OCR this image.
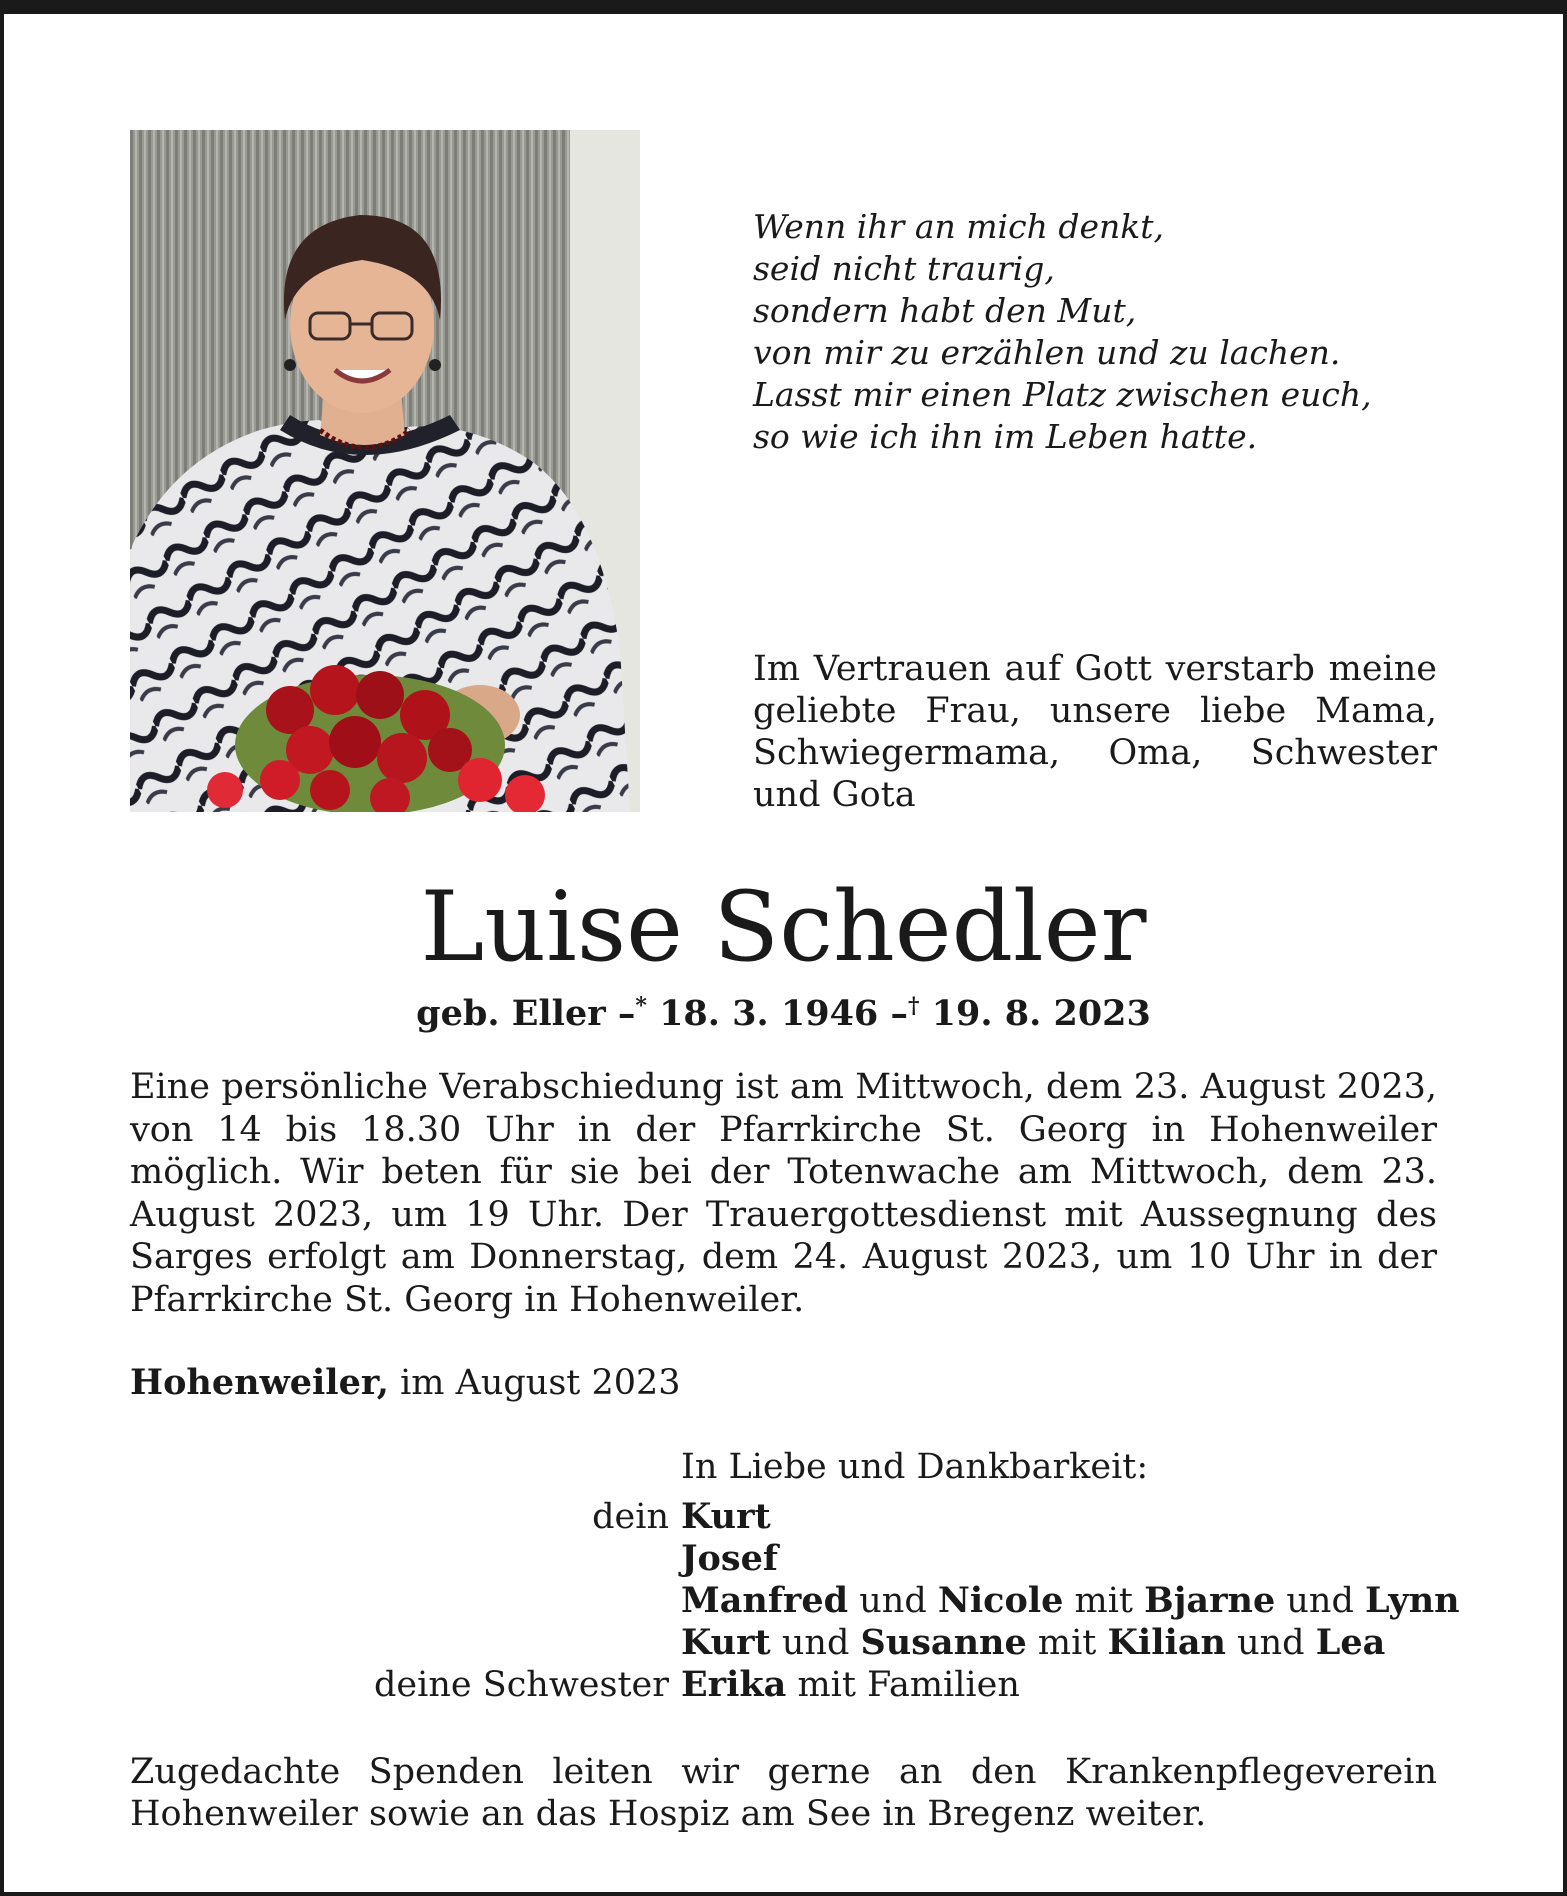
Wenn ihr an mich denkt,
seid nicht traurig,
sondern habt den Mut,
von mir zu erzählen und zu lachen.
Lasst mir einen Platz zwischen euch,
so wie ich ihn im Leben hatte.
Im Vertrauen auf Gott verstarb meine geliebte Frau, unsere liebe Mama, Schwiegermama, Oma, Schwester und Gota
Luise Schedler
geb. Eller –* 18. 3. 1946 –† 19. 8. 2023
Eine persönliche Verabschiedung ist am Mittwoch, dem 23. August 2023, von 14 bis 18.30 Uhr in der Pfarrkirche St. Georg in Hohenweiler möglich. Wir beten für sie bei der Totenwache am Mittwoch, dem 23. August 2023, um 19 Uhr. Der Trauergottesdienst mit Aussegnung des Sarges erfolgt am Donnerstag, dem 24. August 2023, um 10 Uhr in der Pfarrkirche St. Georg in Hohenweiler.
Hohenweiler, im August 2023
In Liebe und Dankbarkeit:
dein Kurt
Josef
Manfred und Nicole mit Bjarne und Lynn
Kurt und Susanne mit Kilian und Lea
deine Schwester Erika mit Familien
Zugedachte Spenden leiten wir gerne an den Krankenpflegeverein Hohenweiler sowie an das Hospiz am See in Bregenz weiter.
